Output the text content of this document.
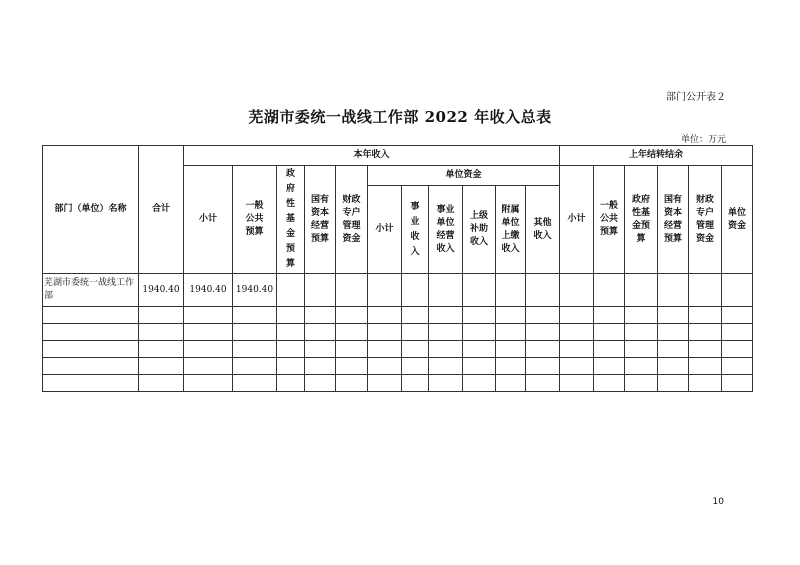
部门公开表２
芜湖市委统一战线工作部 2022 年收入总表
单位：万元
部门（单位）名称	合计	本年收入											上年结转结余					
		小计	一般公共预算	政府性基金预算	国有资本经营预算	财政专户管理资金	单位资金						小计	一般公共预算	政府性基金预算	国有资本经营预算	财政专户管理资金	单位资金
							小计	事业收入	事业单位经营收入	上级补助收入	附属单位上缴收入	其他收入						
芜湖市委统一战线工作部	1940.40	1940.40	1940.40															

10
